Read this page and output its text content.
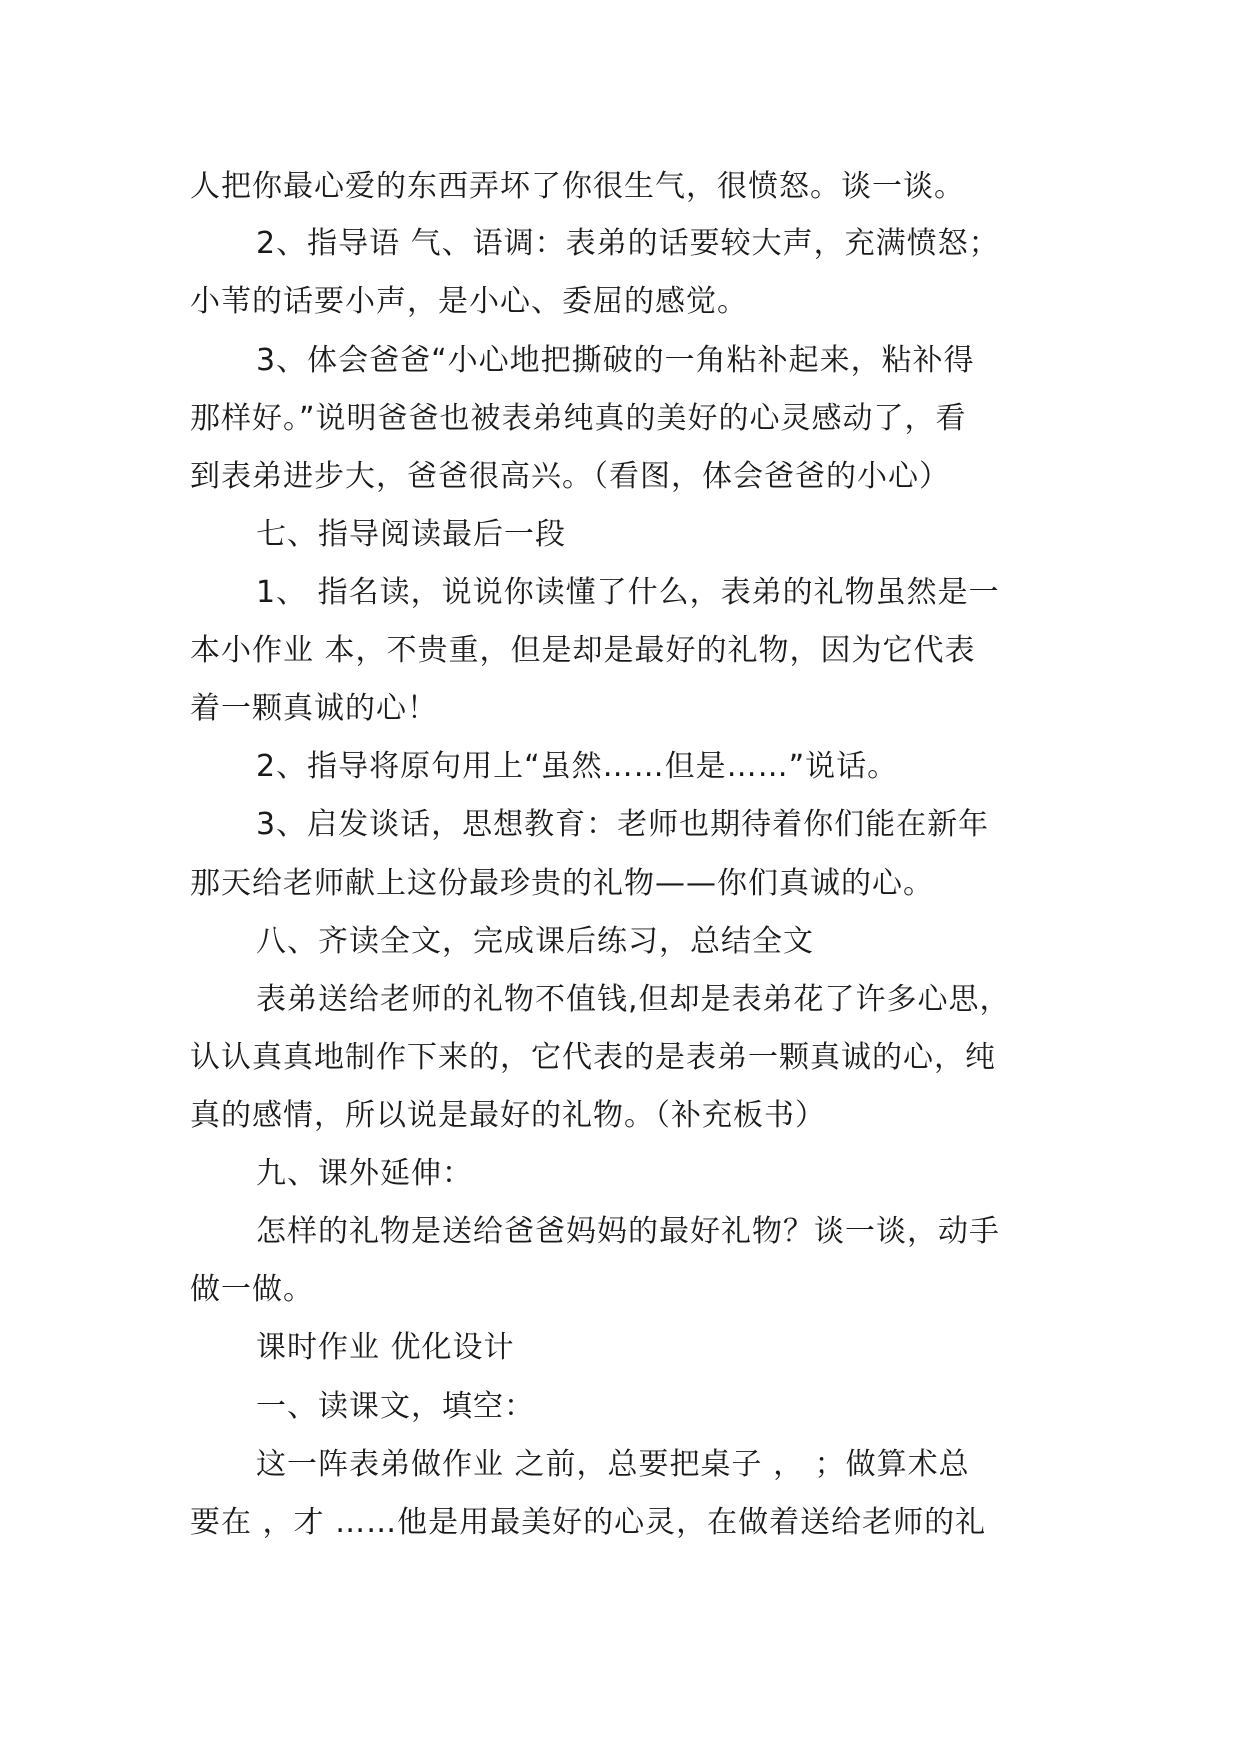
人把你最心爱的东西弄坏了你很生气，很愤怒。谈一谈。
2、指导语 气、语调：表弟的话要较大声，充满愤怒；
小苇的话要小声，是小心、委屈的感觉。
3、体会爸爸“小心地把撕破的一角粘补起来，粘补得
那样好。”说明爸爸也被表弟纯真的美好的心灵感动了，看
到表弟进步大，爸爸很高兴。（看图，体会爸爸的小心）
七、指导阅读最后一段
1、 指名读，说说你读懂了什么，表弟的礼物虽然是一
本小作业 本，不贵重，但是却是最好的礼物，因为它代表
着一颗真诚的心！
2、指导将原句用上“虽然……但是……”说话。
3、启发谈话，思想教育：老师也期待着你们能在新年
那天给老师献上这份最珍贵的礼物——你们真诚的心。
八、齐读全文，完成课后练习，总结全文
表弟送给老师的礼物不值钱,但却是表弟花了许多心思，
认认真真地制作下来的，它代表的是表弟一颗真诚的心，纯
真的感情，所以说是最好的礼物。（补充板书）
九、课外延伸：
怎样的礼物是送给爸爸妈妈的最好礼物？谈一谈，动手
做一做。
课时作业 优化设计
一、读课文，填空：
这一阵表弟做作业 之前，总要把桌子 ， ；做算术总
要在 ，才 ……他是用最美好的心灵，在做着送给老师的礼
